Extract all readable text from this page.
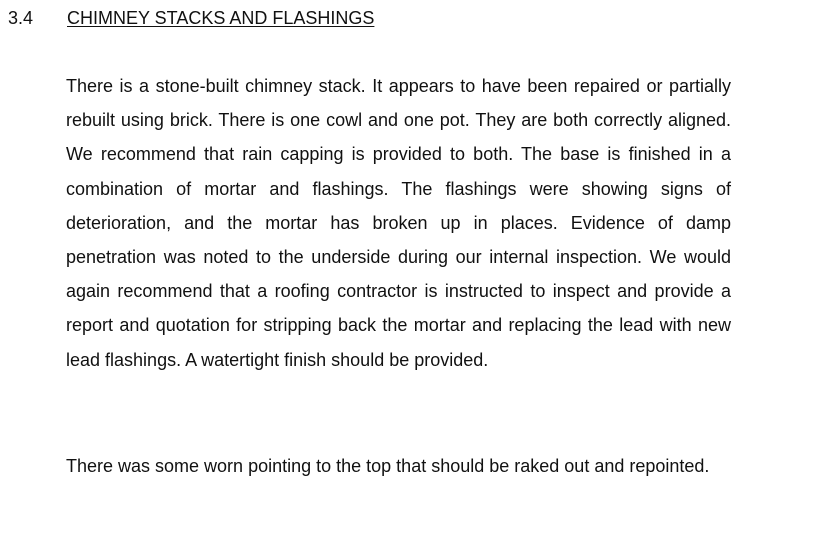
3.4 CHIMNEY STACKS AND FLASHINGS

There is a stone-built chimney stack. It appears to have been repaired or partially rebuilt using brick. There is one cowl and one pot. They are both correctly aligned. We recommend that rain capping is provided to both. The base is finished in a combination of mortar and flashings. The flashings were showing signs of deterioration, and the mortar has broken up in places. Evidence of damp penetration was noted to the underside during our internal inspection. We would again recommend that a roofing contractor is instructed to inspect and provide a report and quotation for stripping back the mortar and replacing the lead with new lead flashings. A watertight finish should be provided.

There was some worn pointing to the top that should be raked out and repointed.
